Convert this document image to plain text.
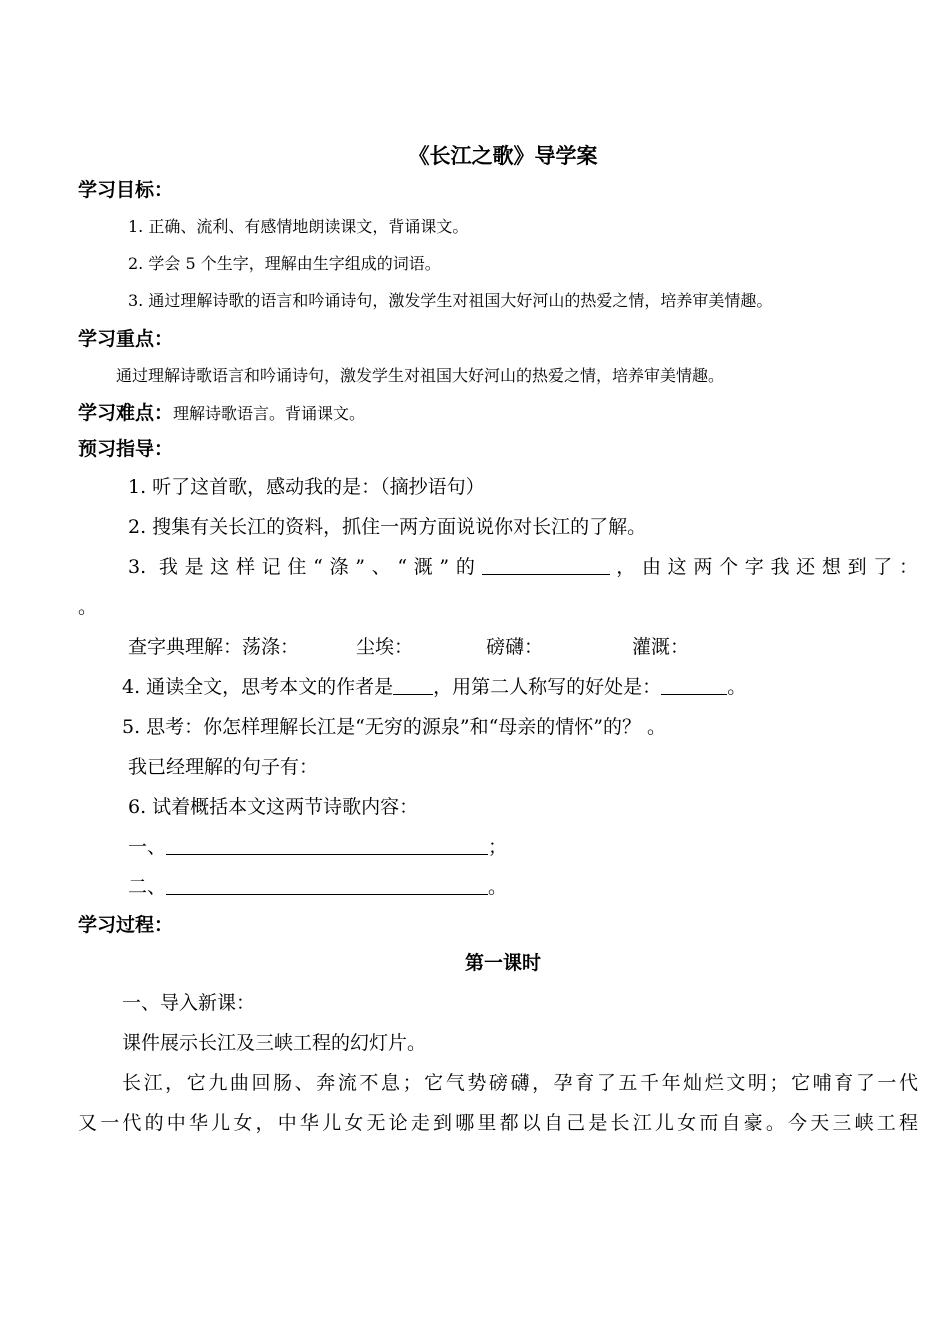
《长江之歌》导学案
学习目标：
1. 正确、流利、有感情地朗读课文，背诵课文。
2. 学会 5 个生字，理解由生字组成的词语。
3. 通过理解诗歌的语言和吟诵诗句，激发学生对祖国大好河山的热爱之情，培养审美情趣。
学习重点：
通过理解诗歌语言和吟诵诗句，激发学生对祖国大好河山的热爱之情，培养审美情趣。
学习难点：理解诗歌语言。背诵课文。
预习指导：
1. 听了这首歌，感动我的是：（摘抄语句）
2. 搜集有关长江的资料，抓住一两方面说说你对长江的了解。
3. 我是这样记住“涤”、“溉”的	，由这两个字我还想到了：
。
查字典理解：荡涤：	尘埃：	磅礴：	灌溉：
4. 通读全文，思考本文的作者是 ，用第二人称写的好处是：	。
5. 思考：你怎样理解长江是“无穷的源泉”和“母亲的情怀”的？ 。
我已经理解的句子有：
6. 试着概括本文这两节诗歌内容：
一、	；
二、	。
学习过程：
第一课时
一、导入新课：
课件展示长江及三峡工程的幻灯片。
长江，它九曲回肠、奔流不息；它气势磅礴，孕育了五千年灿烂文明；它哺育了一代
又一代的中华儿女，中华儿女无论走到哪里都以自己是长江儿女而自豪。今天三峡工程
